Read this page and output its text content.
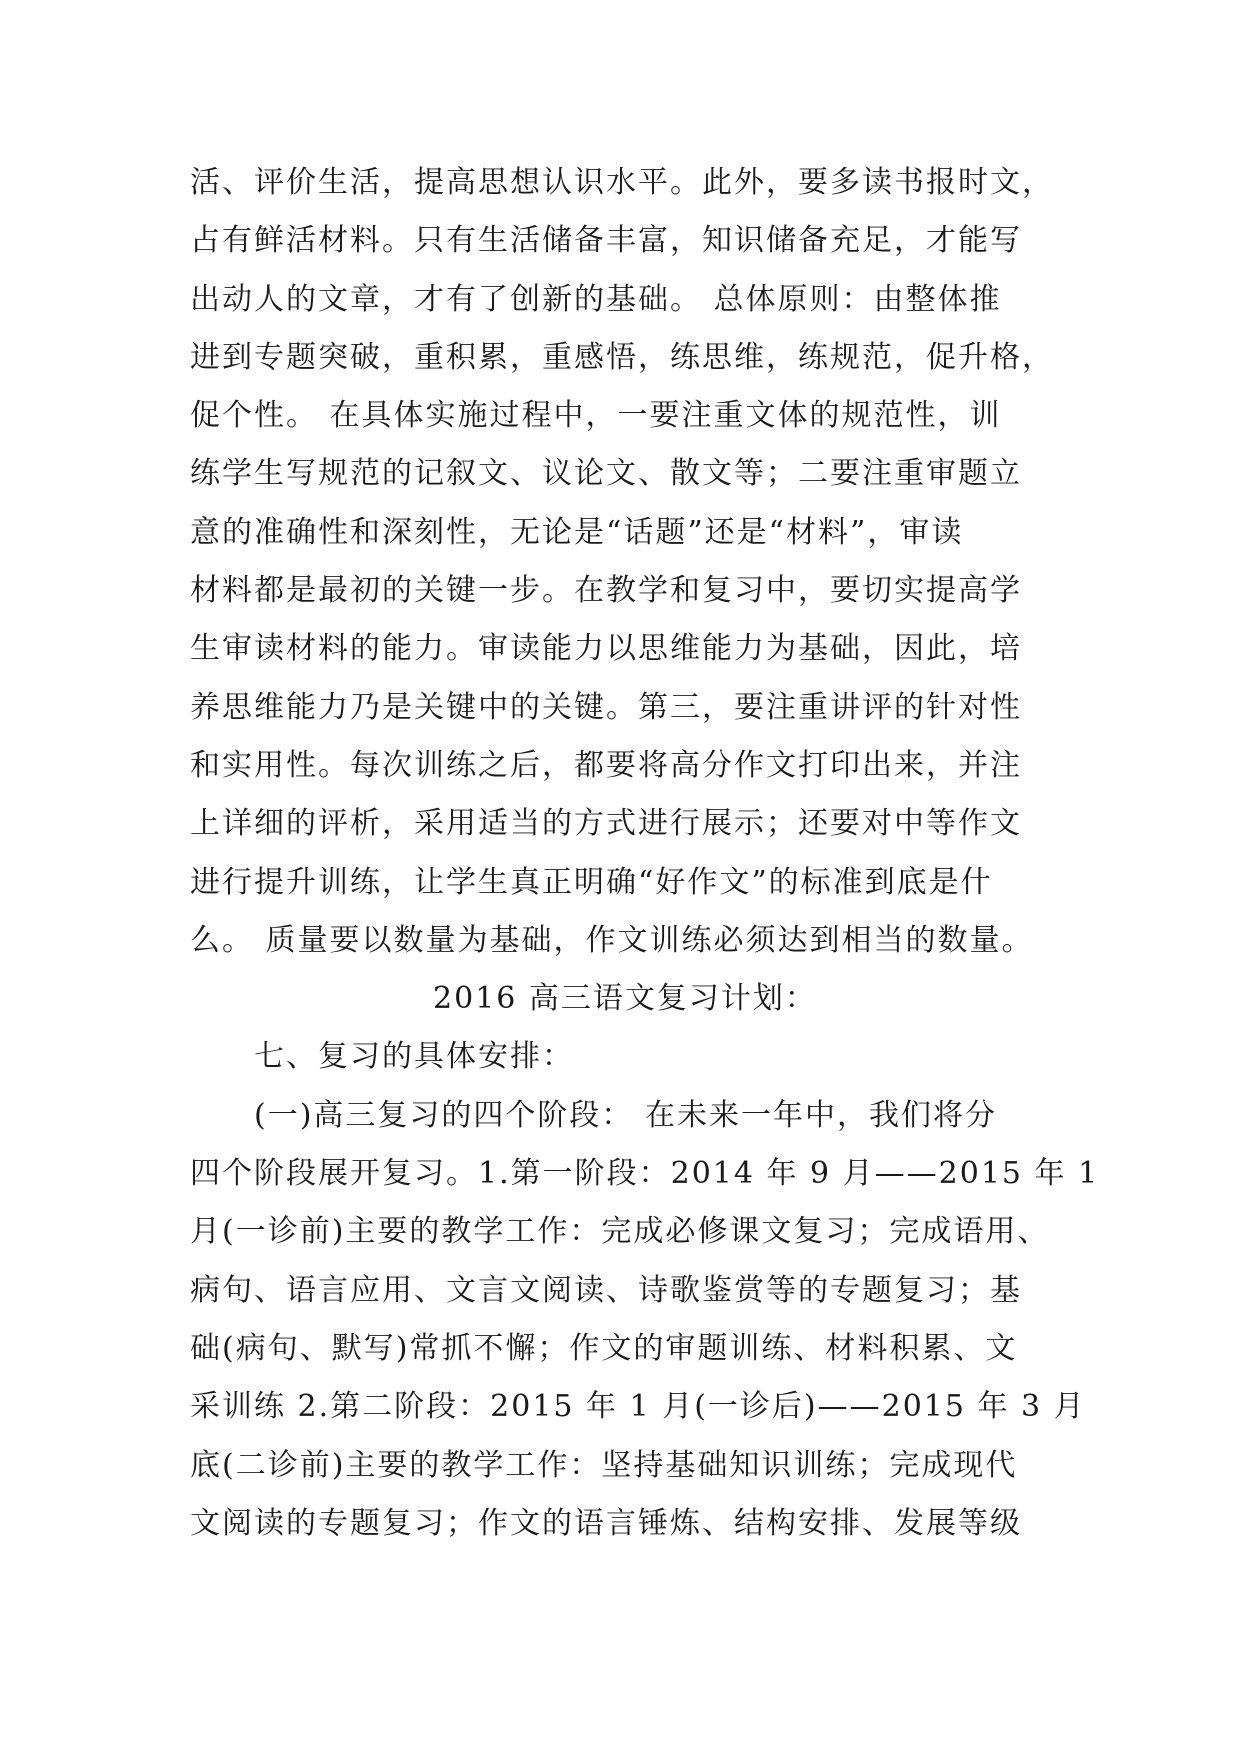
活、评价生活，提高思想认识水平。此外，要多读书报时文，
占有鲜活材料。只有生活储备丰富，知识储备充足，才能写
出动人的文章，才有了创新的基础。 总体原则：由整体推
进到专题突破，重积累，重感悟，练思维，练规范，促升格，
促个性。 在具体实施过程中，一要注重文体的规范性，训
练学生写规范的记叙文、议论文、散文等；二要注重审题立
意的准确性和深刻性，无论是“话题”还是“材料”，审读
材料都是最初的关键一步。在教学和复习中，要切实提高学
生审读材料的能力。审读能力以思维能力为基础，因此，培
养思维能力乃是关键中的关键。第三，要注重讲评的针对性
和实用性。每次训练之后，都要将高分作文打印出来，并注
上详细的评析，采用适当的方式进行展示；还要对中等作文
进行提升训练，让学生真正明确“好作文”的标准到底是什
么。 质量要以数量为基础，作文训练必须达到相当的数量。
2016 高三语文复习计划：
七、复习的具体安排：
(一)高三复习的四个阶段： 在未来一年中，我们将分
四个阶段展开复习。1.第一阶段：2014 年 9 月——2015 年 1
月(一诊前)主要的教学工作：完成必修课文复习；完成语用、
病句、语言应用、文言文阅读、诗歌鉴赏等的专题复习；基
础(病句、默写)常抓不懈；作文的审题训练、材料积累、文
采训练 2.第二阶段：2015 年 1 月(一诊后)——2015 年 3 月
底(二诊前)主要的教学工作：坚持基础知识训练；完成现代
文阅读的专题复习；作文的语言锤炼、结构安排、发展等级
